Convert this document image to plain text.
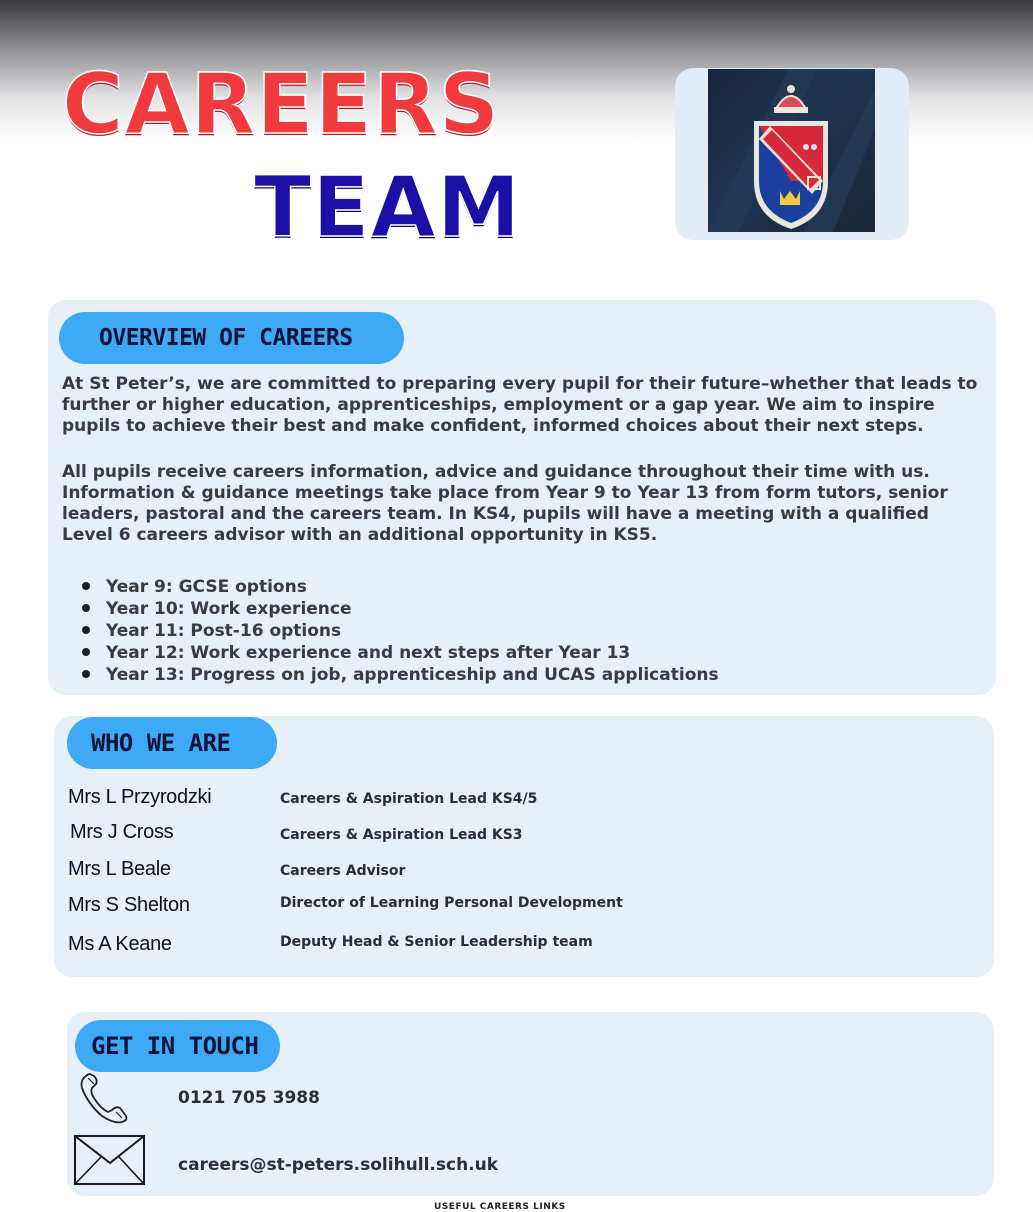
CAREERS
TEAM
OVERVIEW OF CAREERS

At St Peter’s, we are committed to preparing every pupil for their future–whether that leads to further or higher education, apprenticeships, employment or a gap year. We aim to inspire pupils to achieve their best and make confident, informed choices about their next steps.

All pupils receive careers information, advice and guidance throughout their time with us. Information & guidance meetings take place from Year 9 to Year 13 from form tutors, senior leaders, pastoral and the careers team. In KS4, pupils will have a meeting with a qualified Level 6 careers advisor with an additional opportunity in KS5.

Year 9: GCSE options
Year 10: Work experience
Year 11: Post-16 options
Year 12: Work experience and next steps after Year 13
Year 13: Progress on job, apprenticeship and UCAS applications
WHO WE ARE
Mrs L Przyrodzki	Careers & Aspiration Lead KS4/5
Mrs J Cross	Careers & Aspiration Lead KS3
Mrs L Beale	Careers Advisor
Mrs S Shelton	Director of Learning Personal Development
Ms A Keane	Deputy Head & Senior Leadership team
GET IN TOUCH
0121 705 3988
careers@st-peters.solihull.sch.uk
USEFUL CAREERS LINKS
